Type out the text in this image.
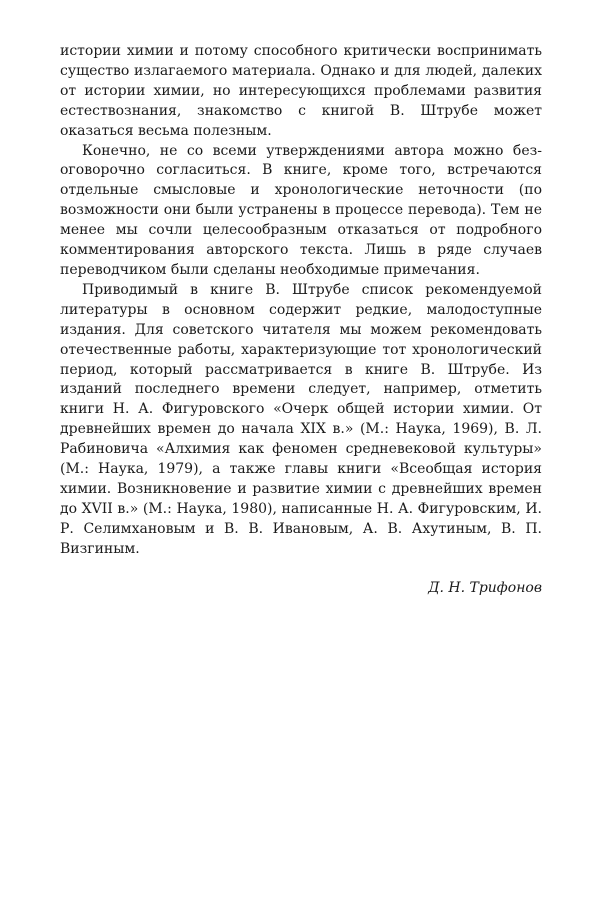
истории химии и потому способного критически воспринимать существо излагаемого материала. Однако и для людей, далеких от истории химии, но интересующихся проблемами развития естествознания, знакомство с книгой В. Штрубе может оказаться весьма полезным.

Конечно, не со всеми утверждениями автора можно безоговорочно согласиться. В книге, кроме того, встречаются отдельные смысловые и хронологические неточности (по возможности они были устранены в процессе перевода). Тем не менее мы сочли целесообразным отказаться от подробного комментирования авторского текста. Лишь в ряде случаев переводчиком были сделаны необходимые примечания.

Приводимый в книге В. Штрубе список рекомендуемой литературы в основном содержит редкие, малодоступные издания. Для советского читателя мы можем рекомендовать отечественные работы, характеризующие тот хронологический период, который рассматривается в книге В. Штрубе. Из изданий последнего времени следует, например, отметить книги Н. А. Фигуровского «Очерк общей истории химии. От древнейших времен до начала XIX в.» (М.: Наука, 1969), В. Л. Рабиновича «Алхимия как феномен средневековой культуры» (М.: Наука, 1979), а также главы книги «Всеобщая история химии. Возникновение и развитие химии с древнейших времен до XVII в.» (М.: Наука, 1980), написанные Н. А. Фигуровским, И. Р. Селимхановым и В. В. Ивановым, А. В. Ахутиным, В. П. Визгиным.

Д. Н. Трифонов
